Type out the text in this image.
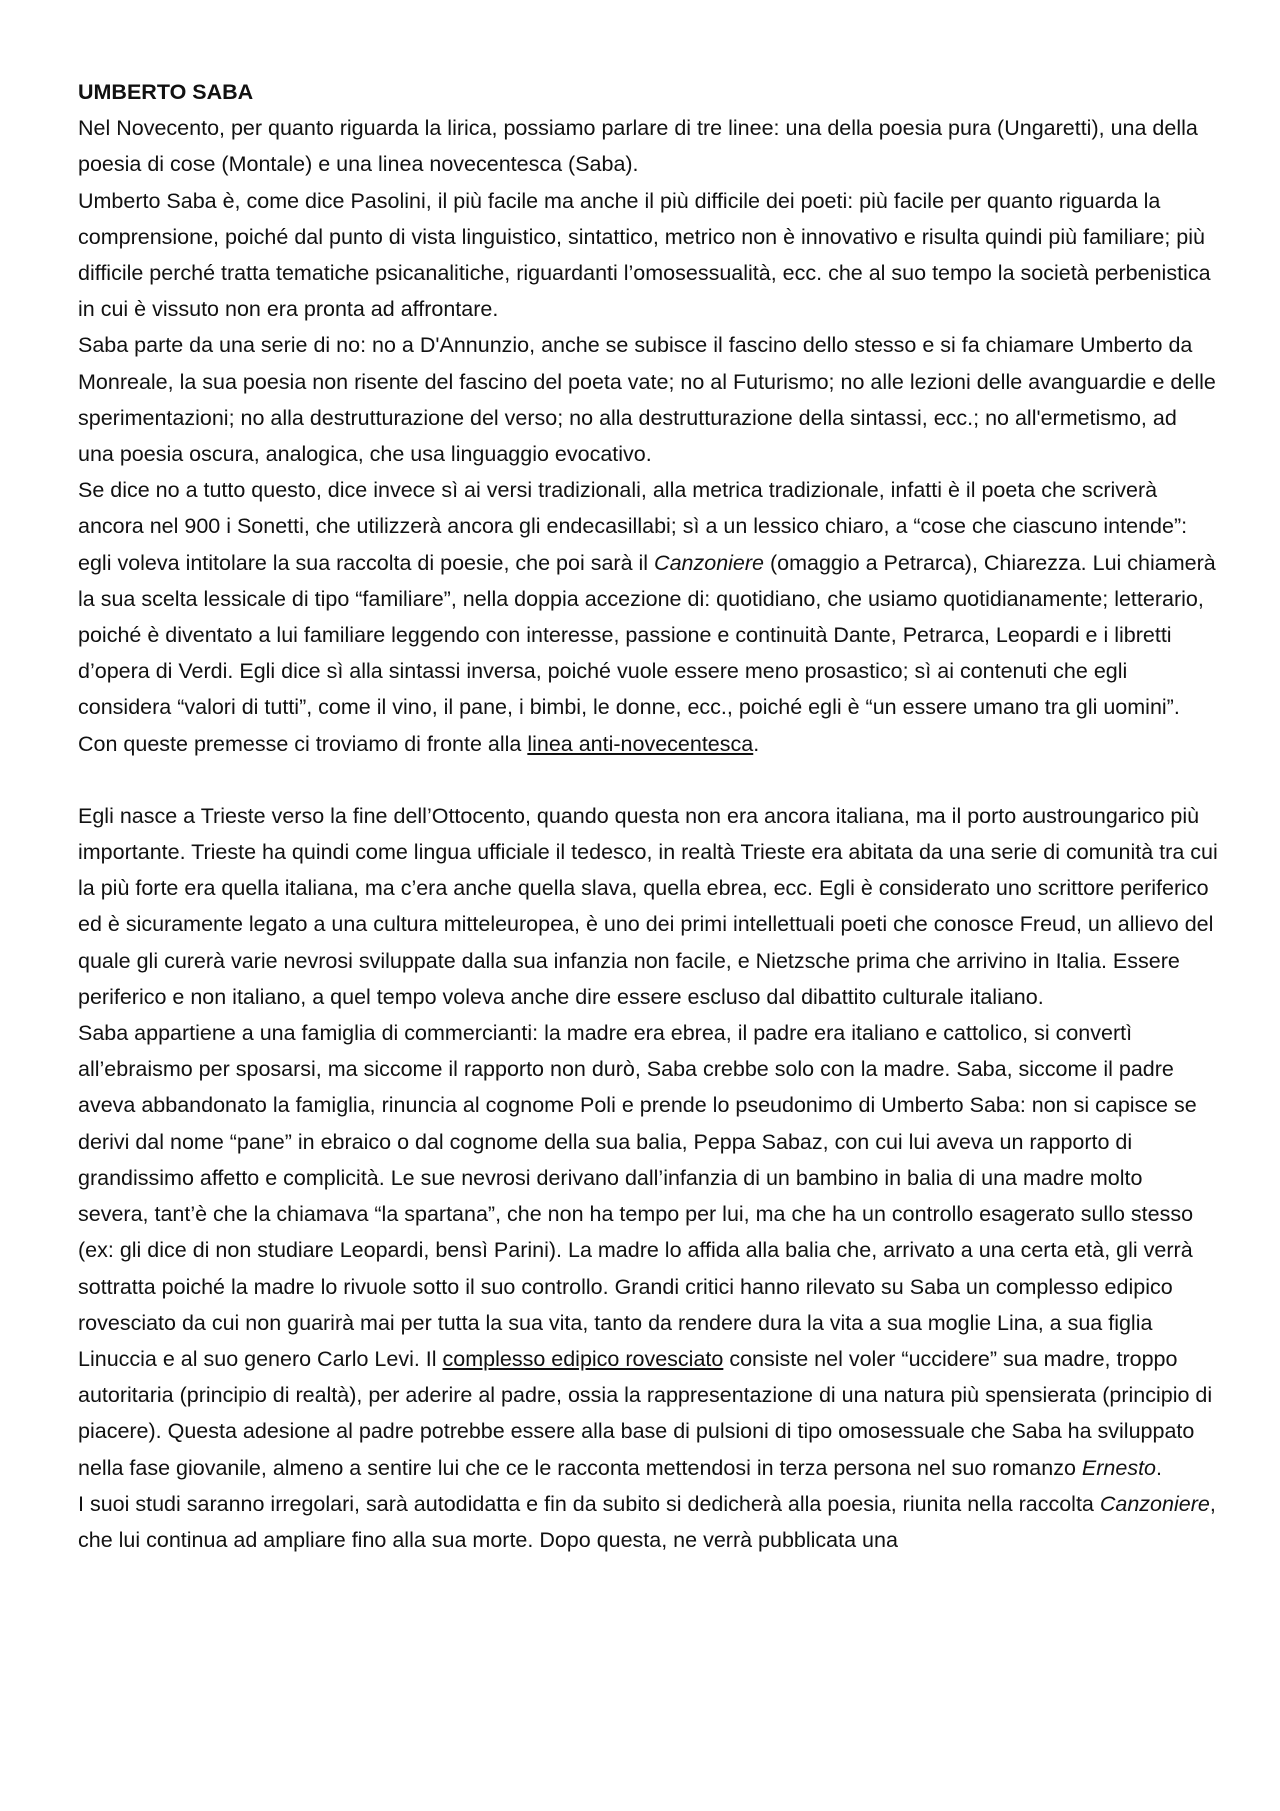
UMBERTO SABA

Nel Novecento, per quanto riguarda la lirica, possiamo parlare di tre linee: una della poesia pura (Ungaretti), una della poesia di cose (Montale) e una linea novecentesca (Saba).

Umberto Saba è, come dice Pasolini, il più facile ma anche il più difficile dei poeti: più facile per quanto riguarda la comprensione, poiché dal punto di vista linguistico, sintattico, metrico non è innovativo e risulta quindi più familiare; più difficile perché tratta tematiche psicanalitiche, riguardanti l’omosessualità, ecc. che al suo tempo la società perbenistica in cui è vissuto non era pronta ad affrontare.

Saba parte da una serie di no: no a D'Annunzio, anche se subisce il fascino dello stesso e si fa chiamare Umberto da Monreale, la sua poesia non risente del fascino del poeta vate; no al Futurismo; no alle lezioni delle avanguardie e delle sperimentazioni; no alla destrutturazione del verso; no alla destrutturazione della sintassi, ecc.; no all'ermetismo, ad una poesia oscura, analogica, che usa linguaggio evocativo.

Se dice no a tutto questo, dice invece sì ai versi tradizionali, alla metrica tradizionale, infatti è il poeta che scriverà ancora nel 900 i Sonetti, che utilizzerà ancora gli endecasillabi; sì a un lessico chiaro, a “cose che ciascuno intende”: egli voleva intitolare la sua raccolta di poesie, che poi sarà il Canzoniere (omaggio a Petrarca), Chiarezza. Lui chiamerà la sua scelta lessicale di tipo “familiare”, nella doppia accezione di: quotidiano, che usiamo quotidianamente; letterario, poiché è diventato a lui familiare leggendo con interesse, passione e continuità Dante, Petrarca, Leopardi e i libretti d’opera di Verdi. Egli dice sì alla sintassi inversa, poiché vuole essere meno prosastico; sì ai contenuti che egli considera “valori di tutti”, come il vino, il pane, i bimbi, le donne, ecc., poiché egli è “un essere umano tra gli uomini”. Con queste premesse ci troviamo di fronte alla linea anti-novecentesca.

Egli nasce a Trieste verso la fine dell’Ottocento, quando questa non era ancora italiana, ma il porto austroungarico più importante. Trieste ha quindi come lingua ufficiale il tedesco, in realtà Trieste era abitata da una serie di comunità tra cui la più forte era quella italiana, ma c’era anche quella slava, quella ebrea, ecc. Egli è considerato uno scrittore periferico ed è sicuramente legato a una cultura mitteleuropea, è uno dei primi intellettuali poeti che conosce Freud, un allievo del quale gli curerà varie nevrosi sviluppate dalla sua infanzia non facile, e Nietzsche prima che arrivino in Italia. Essere periferico e non italiano, a quel tempo voleva anche dire essere escluso dal dibattito culturale italiano.

Saba appartiene a una famiglia di commercianti: la madre era ebrea, il padre era italiano e cattolico, si convertì all’ebraismo per sposarsi, ma siccome il rapporto non durò, Saba crebbe solo con la madre. Saba, siccome il padre aveva abbandonato la famiglia, rinuncia al cognome Poli e prende lo pseudonimo di Umberto Saba: non si capisce se derivi dal nome “pane” in ebraico o dal cognome della sua balia, Peppa Sabaz, con cui lui aveva un rapporto di grandissimo affetto e complicità. Le sue nevrosi derivano dall’infanzia di un bambino in balia di una madre molto severa, tant’è che la chiamava “la spartana”, che non ha tempo per lui, ma che ha un controllo esagerato sullo stesso (ex: gli dice di non studiare Leopardi, bensì Parini). La madre lo affida alla balia che, arrivato a una certa età, gli verrà sottratta poiché la madre lo rivuole sotto il suo controllo. Grandi critici hanno rilevato su Saba un complesso edipico rovesciato da cui non guarirà mai per tutta la sua vita, tanto da rendere dura la vita a sua moglie Lina, a sua figlia Linuccia e al suo genero Carlo Levi. Il complesso edipico rovesciato consiste nel voler “uccidere” sua madre, troppo autoritaria (principio di realtà), per aderire al padre, ossia la rappresentazione di una natura più spensierata (principio di piacere). Questa adesione al padre potrebbe essere alla base di pulsioni di tipo omosessuale che Saba ha sviluppato nella fase giovanile, almeno a sentire lui che ce le racconta mettendosi in terza persona nel suo romanzo Ernesto.

I suoi studi saranno irregolari, sarà autodidatta e fin da subito si dedicherà alla poesia, riunita nella raccolta Canzoniere, che lui continua ad ampliare fino alla sua morte. Dopo questa, ne verrà pubblicata una
